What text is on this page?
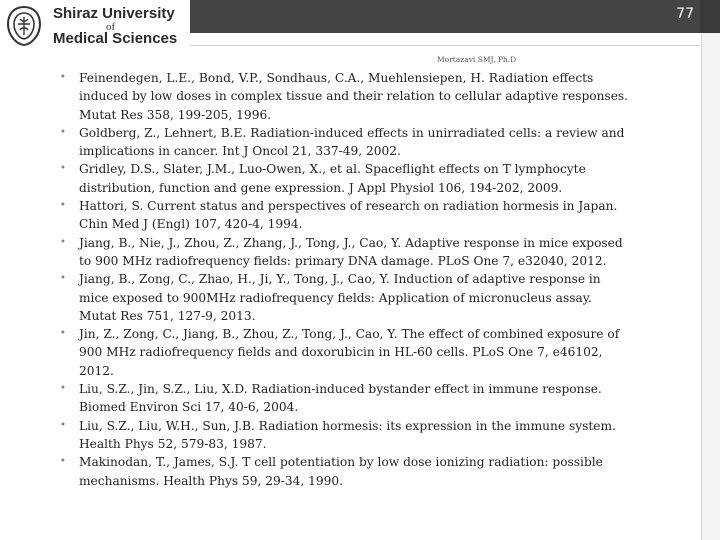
Shiraz University
of
Medical Sciences
77
Mortazavi SMJ, Ph.D
• Feinendegen, L.E., Bond, V.P., Sondhaus, C.A., Muehlensiepen, H. Radiation effects
induced by low doses in complex tissue and their relation to cellular adaptive responses.
Mutat Res 358, 199-205, 1996.
• Goldberg, Z., Lehnert, B.E. Radiation-induced effects in unirradiated cells: a review and
implications in cancer. Int J Oncol 21, 337-49, 2002.
• Gridley, D.S., Slater, J.M., Luo-Owen, X., et al. Spaceflight effects on T lymphocyte
distribution, function and gene expression. J Appl Physiol 106, 194-202, 2009.
• Hattori, S. Current status and perspectives of research on radiation hormesis in Japan.
Chin Med J (Engl) 107, 420-4, 1994.
• Jiang, B., Nie, J., Zhou, Z., Zhang, J., Tong, J., Cao, Y. Adaptive response in mice exposed
to 900 MHz radiofrequency fields: primary DNA damage. PLoS One 7, e32040, 2012.
• Jiang, B., Zong, C., Zhao, H., Ji, Y., Tong, J., Cao, Y. Induction of adaptive response in
mice exposed to 900MHz radiofrequency fields: Application of micronucleus assay.
Mutat Res 751, 127-9, 2013.
• Jin, Z., Zong, C., Jiang, B., Zhou, Z., Tong, J., Cao, Y. The effect of combined exposure of
900 MHz radiofrequency fields and doxorubicin in HL-60 cells. PLoS One 7, e46102,
2012.
• Liu, S.Z., Jin, S.Z., Liu, X.D. Radiation-induced bystander effect in immune response.
Biomed Environ Sci 17, 40-6, 2004.
• Liu, S.Z., Liu, W.H., Sun, J.B. Radiation hormesis: its expression in the immune system.
Health Phys 52, 579-83, 1987.
• Makinodan, T., James, S.J. T cell potentiation by low dose ionizing radiation: possible
mechanisms. Health Phys 59, 29-34, 1990.
